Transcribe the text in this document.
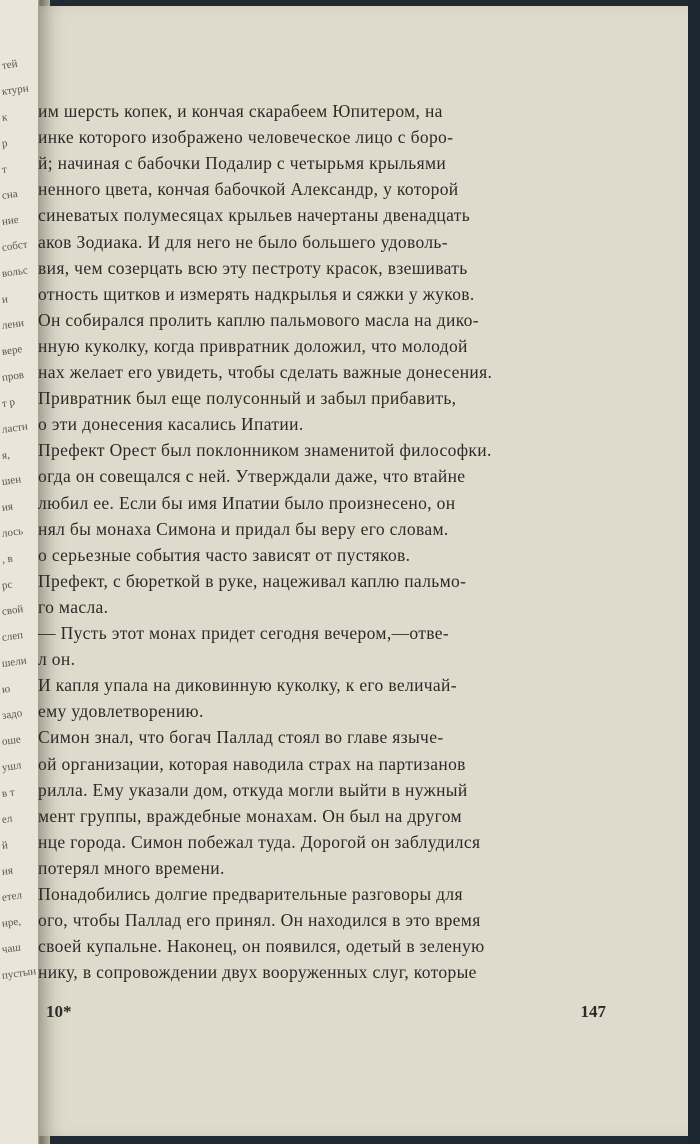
тей
ктурн
к
р
т
сна
ние
собст
вольс
и
лени
вере
пров
т р
ластн
я,
шен
ия
лось
, в
рс
свой
слеп
шели
ю
задо
оше
ушл
в т
ел
й
ня
етел
нре,
чаш
пустын
им шерсть копек, и кончая скарабеем Юпитером, на
инке которого изображено человеческое лицо с боро-
й; начиная с бабочки Подалир с четырьмя крыльями
ненного цвета, кончая бабочкой Александр, у которой
синеватых полумесяцах крыльев начертаны двенадцать
аков Зодиака. И для него не было большего удоволь-
вия, чем созерцать всю эту пестроту красок, взешивать
отность щитков и измерять надкрылья и сяжки у жуков.
Он собирался пролить каплю пальмового масла на дико-
нную куколку, когда привратник доложил, что молодой
нах желает его увидеть, чтобы сделать важные донесения.
Привратник был еще полусонный и забыл прибавить,
о эти донесения касались Ипатии.
Префект Орест был поклонником знаменитой философки.
огда он совещался с ней. Утверждали даже, что втайне
любил ее. Если бы имя Ипатии было произнесено, он
нял бы монаха Симона и придал бы веру его словам.
о серьезные события часто зависят от пустяков.
Префект, с бюреткой в руке, нацеживал каплю пальмо-
го масла.
— Пусть этот монах придет сегодня вечером,—отве-
л он.
И капля упала на диковинную куколку, к его величай-
ему удовлетворению.
Симон знал, что богач Паллад стоял во главе языче-
ой организации, которая наводила страх на партизанов
рилла. Ему указали дом, откуда могли выйти в нужный
мент группы, враждебные монахам. Он был на другом
нце города. Симон побежал туда. Дорогой он заблудился
потерял много времени.
Понадобились долгие предварительные разговоры для
ого, чтобы Паллад его принял. Он находился в это время
своей купальне. Наконец, он появился, одетый в зеленую
нику, в сопровождении двух вооруженных слуг, которые
10*	147
